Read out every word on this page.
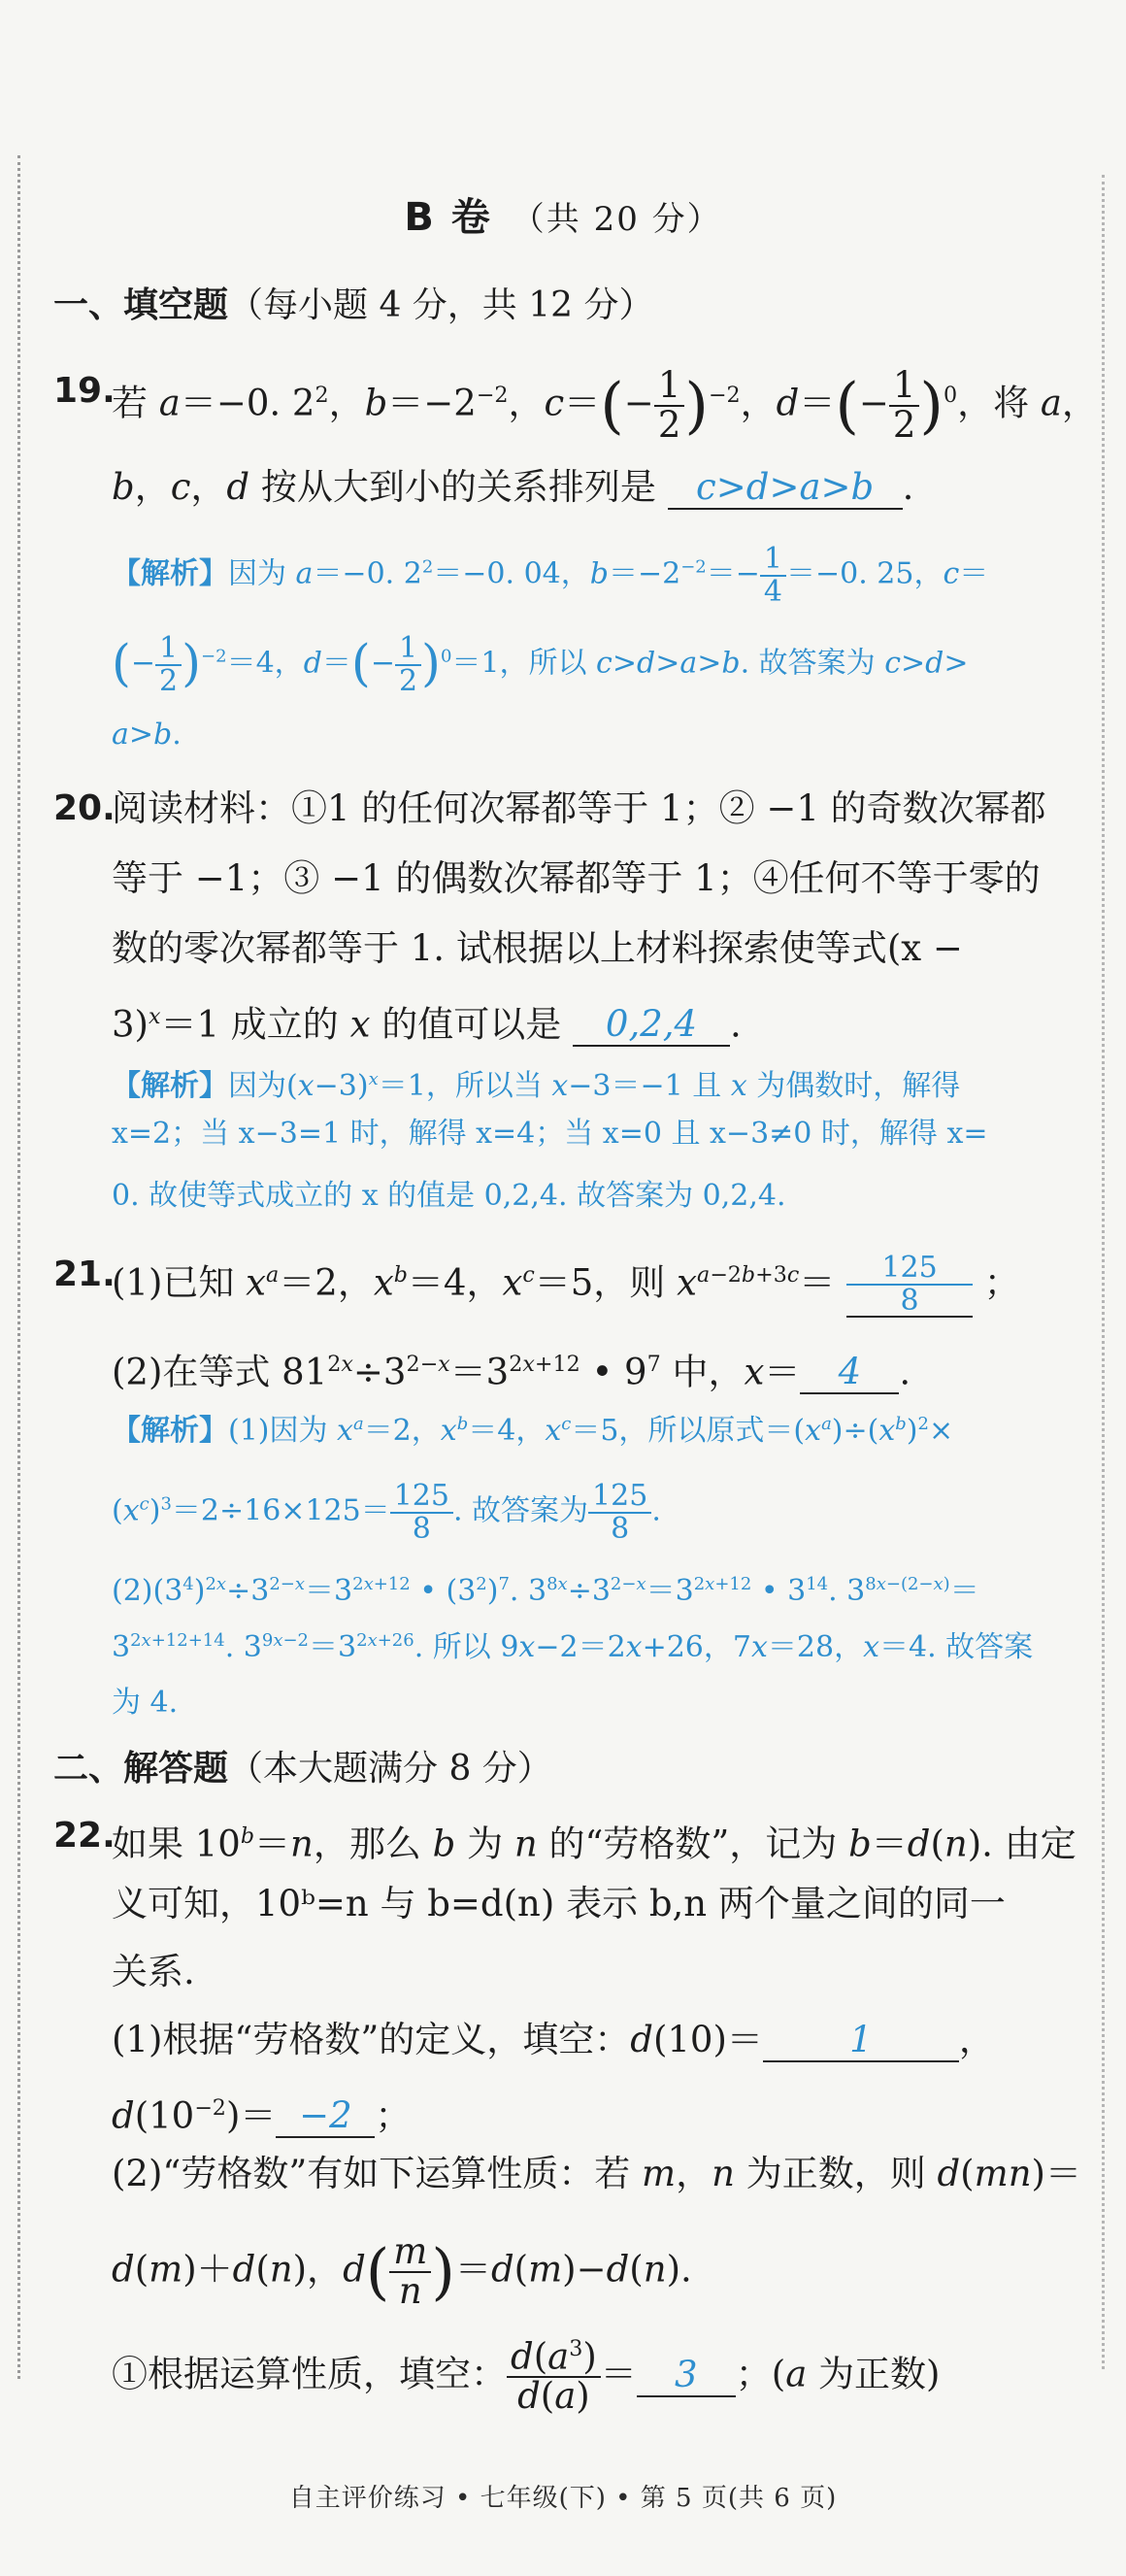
B 卷 （共 20 分）
一、填空题（每小题 4 分，共 12 分）
19.
若 a＝−0. $2^2$，$b=-2^{-2}$，$c=(- \frac{1}{2} )^{-2}$，$d=(- \frac{1}{2} )^0$，将 a，
b，c，d 按从大到小的关系排列是 c>d>a>b .
【解析】因为 a＝−0. $2^2=-0$. 04，$b=-2^{-2}=- \frac{1}{4} =-0$. 25，c＝
(− $\frac{1}{2} )^{-2}=4$，$d=(- \frac{1}{2} )^0=1$，所以 c>d>a>b. 故答案为 c>d>
a>b.
20.
阅读材料：①1 的任何次幂都等于 1；② −1 的奇数次幂都
等于 −1；③ −1 的偶数次幂都等于 1；④任何不等于零的
数的零次幂都等于 1. 试根据以上材料探索使等式(x −
3)$^x$＝1 成立的 x 的值可以是 0,2,4 .
【解析】因为$(x-3)^x=1$，所以当 x−3＝−1 且 x 为偶数时，解得
x=2；当 x−3=1 时，解得 x=4；当 x=0 且 x−3≠0 时，解得 x=
0. 故使等式成立的 x 的值是 0,2,4. 故答案为 0,2,4.
21.
(1)已知 $x^a=2$，$x^b=4$，$x^c=5$，则 $x^{a-2b+3c}= \frac{125}{8}$ ；
(2)在等式 $81^{2x}\div 3^{2-x}=3^{2x+12}$ • $9^7$ 中，x＝ 4 .
【解析】(1)因为 $x^a=2$，$x^b=4$，$x^c=5$，所以原式$=(x^a)\div(x^b)^2\times$
$(x^c)^3=2\div 16\times 125= \frac{125}{8}$ . 故答案为 $\frac{125}{8}$ .
$(2)(3^4)^{2x}\div 3^{2-x}=3^{2x+12}$ • $(3^2)^7$. $3^{8x}\div 3^{2-x}=3^{2x+12}$ • $3^{14}$. $3^{8x-(2-x)}=$
$3^{2x+12+14}$. $3^{9x-2}=3^{2x+26}$. 所以 9x−2＝2x+26，7x＝28，x＝4. 故答案
为 4.
二、解答题（本大题满分 8 分）
22.
如果 $10^b=n$，那么 b 为 n 的“劳格数”，记为 b＝d(n). 由定
义可知，10ᵇ=n 与 b=d(n) 表示 b,n 两个量之间的同一
关系.
(1)根据“劳格数”的定义，填空：d(10)＝ 1 ，
$d(10^{-2})= -2$ ；
(2)“劳格数”有如下运算性质：若 m，n 为正数，则 d(mn)＝
d(m)＋d(n)，$d( \frac{m}{n} )=d(m)-d(n)$.
①根据运算性质，填空： $\frac{d(a^3)}{d(a)} = 3$ ；(a 为正数)
自主评价练习 • 七年级(下) • 第 5 页(共 6 页)
